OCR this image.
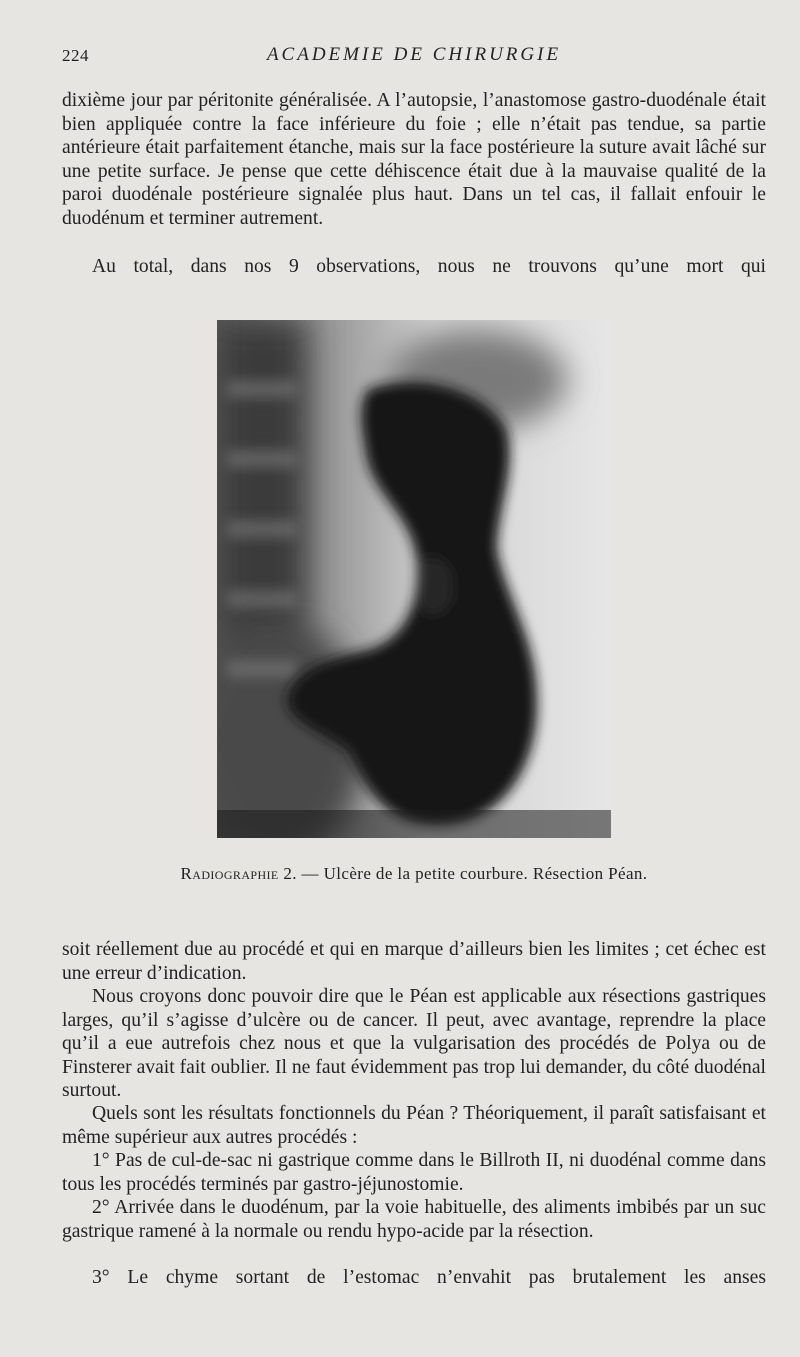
224	ACADEMIE DE CHIRURGIE

dixième jour par péritonite généralisée. A l’autopsie, l’anastomose gastro-duodénale était bien appliquée contre la face inférieure du foie ; elle n’était pas tendue, sa partie antérieure était parfaitement étanche, mais sur la face postérieure la suture avait lâché sur une petite surface. Je pense que cette déhiscence était due à la mauvaise qualité de la paroi duodénale postérieure signalée plus haut. Dans un tel cas, il fallait enfouir le duodénum et terminer autrement.

Au total, dans nos 9 observations, nous ne trouvons qu’une mort qui

Radiographie 2. — Ulcère de la petite courbure. Résection Péan.

soit réellement due au procédé et qui en marque d’ailleurs bien les limites ; cet échec est une erreur d’indication.

Nous croyons donc pouvoir dire que le Péan est applicable aux résections gastriques larges, qu’il s’agisse d’ulcère ou de cancer. Il peut, avec avantage, reprendre la place qu’il a eue autrefois chez nous et que la vulgarisation des procédés de Polya ou de Finsterer avait fait oublier. Il ne faut évidemment pas trop lui demander, du côté duodénal surtout.

Quels sont les résultats fonctionnels du Péan ? Théoriquement, il paraît satisfaisant et même supérieur aux autres procédés :

1° Pas de cul-de-sac ni gastrique comme dans le Billroth II, ni duodénal comme dans tous les procédés terminés par gastro-jéjunostomie.

2° Arrivée dans le duodénum, par la voie habituelle, des aliments imbibés par un suc gastrique ramené à la normale ou rendu hypo-acide par la résection.

3° Le chyme sortant de l’estomac n’envahit pas brutalement les anses
